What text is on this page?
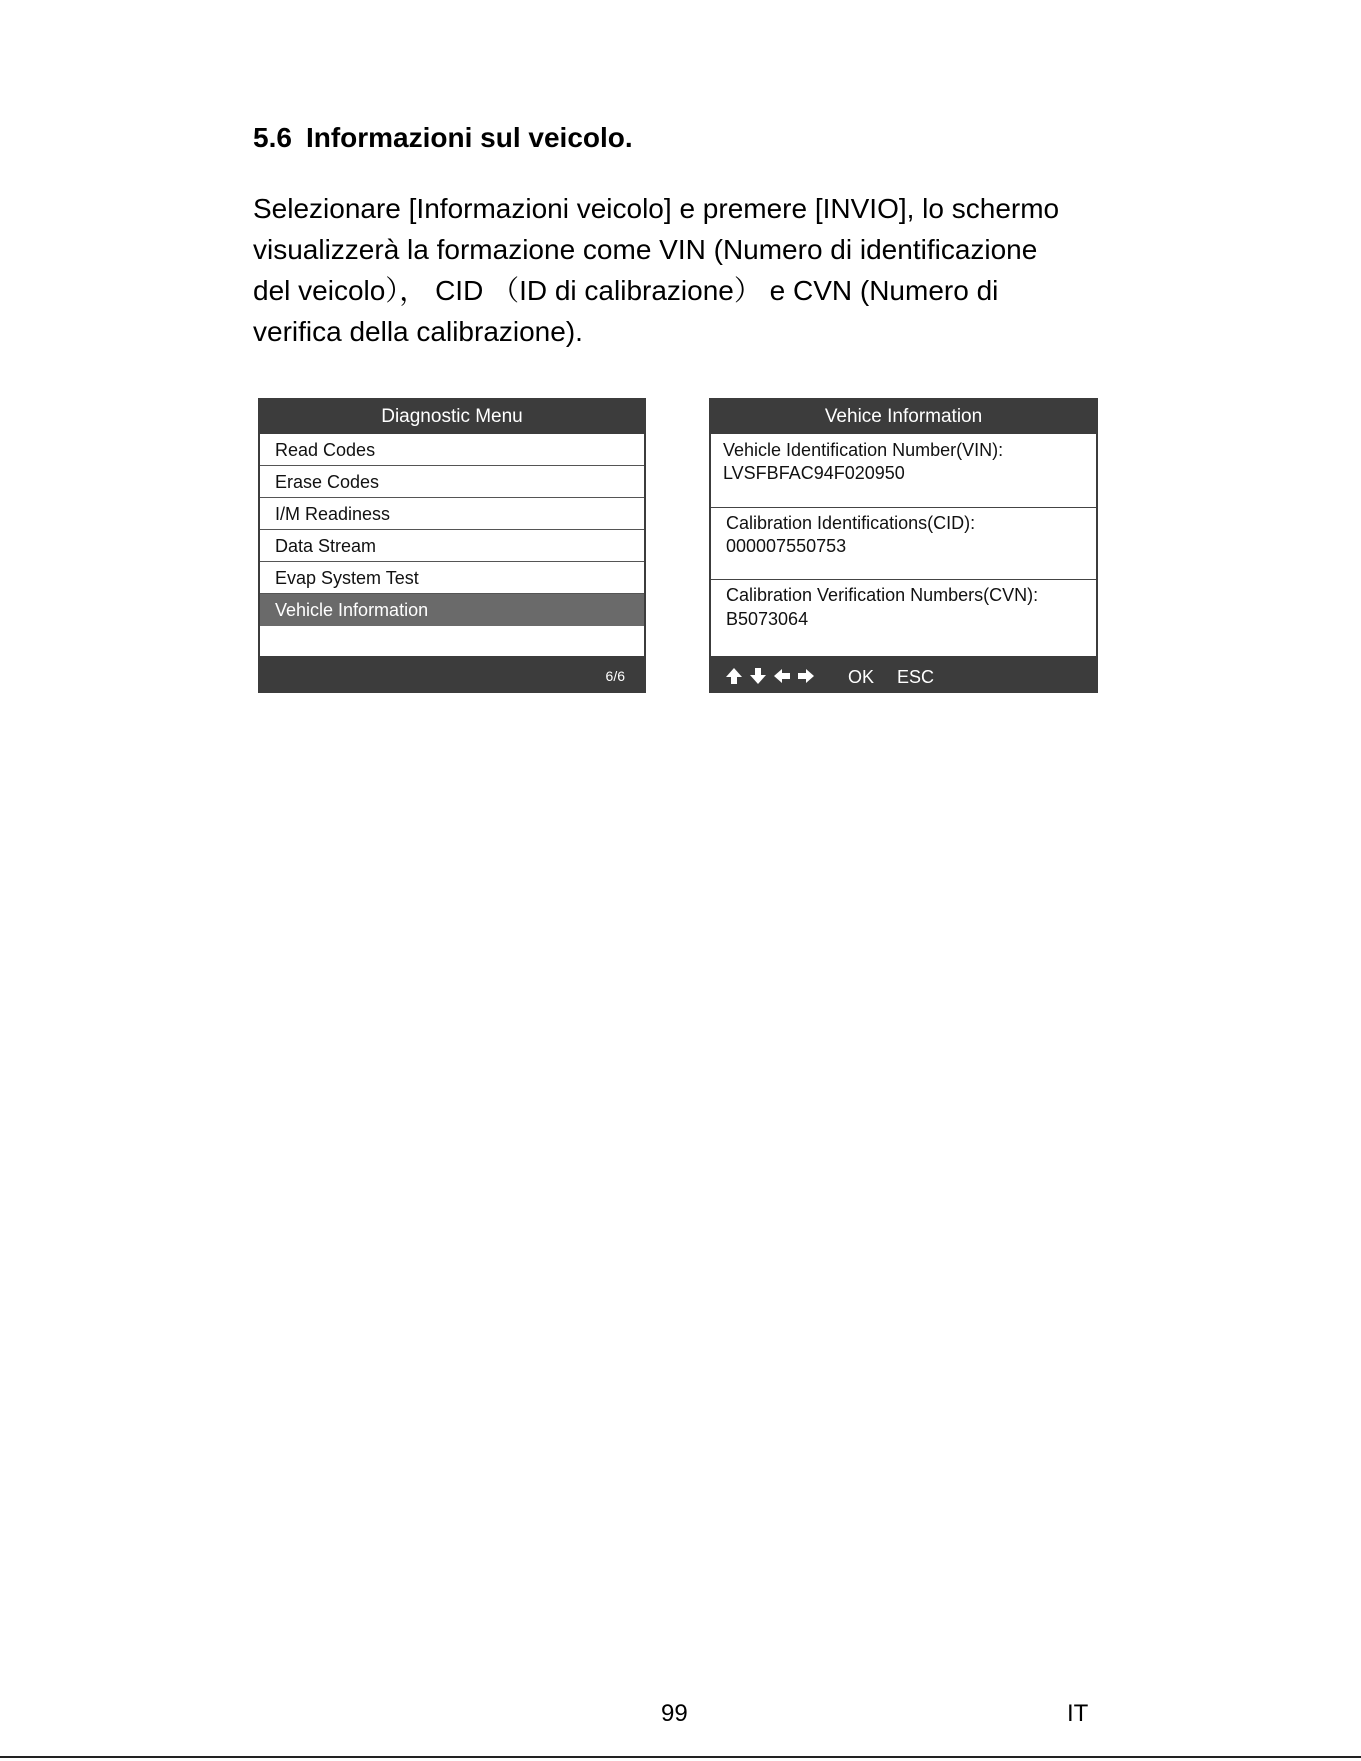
5.6 Informazioni sul veicolo.
Selezionare [Informazioni veicolo] e premere [INVIO], lo schermo
visualizzerà la formazione come VIN (Numero di identificazione
del veicolo）， CID （ID di calibrazione） e CVN (Numero di
verifica della calibrazione).
Diagnostic Menu
Read Codes
Erase Codes
I/M Readiness
Data Stream
Evap System Test
Vehicle Information
6/6
Vehice Information
Vehicle Identification Number(VIN):
LVSFBFAC94F020950
Calibration Identifications(CID):
000007550753
Calibration Verification Numbers(CVN):
B5073064
OK ESC
99	IT
